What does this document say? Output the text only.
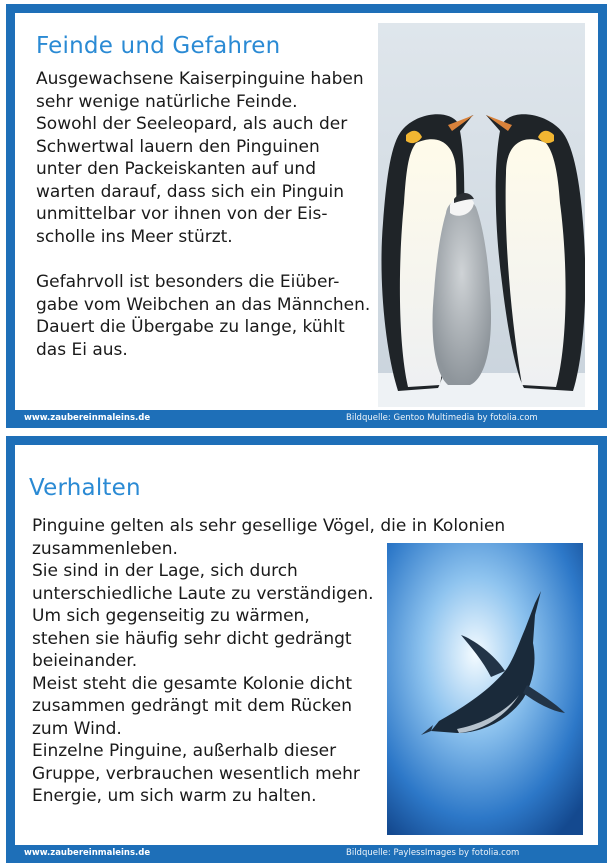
Feinde und Gefahren

Ausgewachsene Kaiserpinguine haben
sehr wenige natürliche Feinde.
Sowohl der Seeleopard, als auch der
Schwertwal lauern den Pinguinen
unter den Packeiskanten auf und
warten darauf, dass sich ein Pinguin
unmittelbar vor ihnen von der Eis-
scholle ins Meer stürzt.

Gefahrvoll ist besonders die Eiüber-
gabe vom Weibchen an das Männchen.
Dauert die Übergabe zu lange, kühlt
das Ei aus.

www.zaubereinmaleins.de	Bildquelle: Gentoo Multimedia by fotolia.com
Verhalten

Pinguine gelten als sehr gesellige Vögel, die in Kolonien
zusammenleben.
Sie sind in der Lage, sich durch
unterschiedliche Laute zu verständigen.
Um sich gegenseitig zu wärmen,
stehen sie häufig sehr dicht gedrängt
beieinander.
Meist steht die gesamte Kolonie dicht
zusammen gedrängt mit dem Rücken
zum Wind.
Einzelne Pinguine, außerhalb dieser
Gruppe, verbrauchen wesentlich mehr
Energie, um sich warm zu halten.

www.zaubereinmaleins.de	Bildquelle: PaylessImages by fotolia.com
